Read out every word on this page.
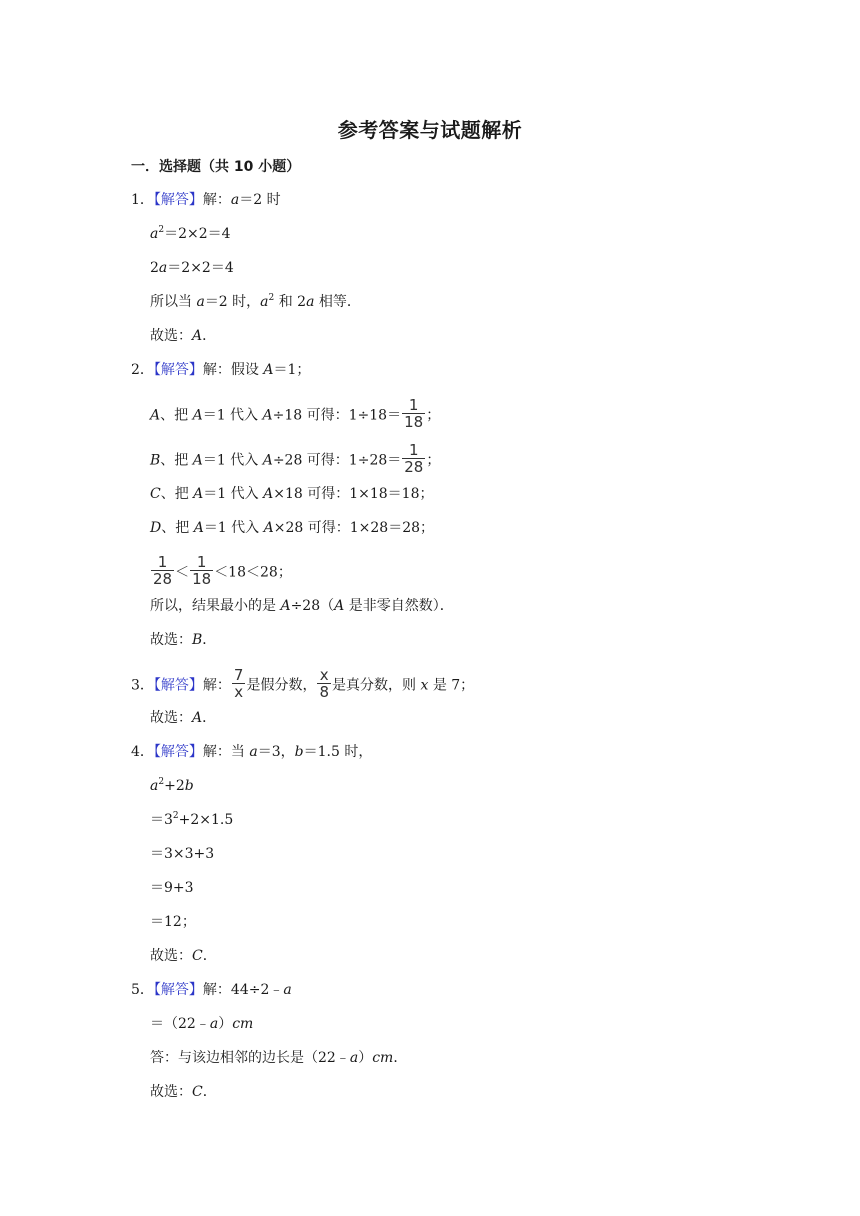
参考答案与试题解析
一．选择题（共 10 小题）
1．【解答】解：a＝2 时
$a^2=2\times 2=4$
2a＝2×2＝4
所以当 a＝2 时，$a^2$ 和 2a 相等．
故选：A．
2．【解答】解：假设 A＝1；
A、把 A＝1 代入 A÷18 可得：$1\div 18= \frac{1}{18}$ ；
B、把 A＝1 代入 A÷28 可得：$1\div 28= \frac{1}{28}$ ；
C、把 A＝1 代入 A×18 可得：1×18＝18；
D、把 A＝1 代入 A×28 可得：1×28＝28；
$\frac{1}{28} < \frac{1}{18} <18<28$；
所以，结果最小的是 A÷28（A 是非零自然数）．
故选：B．
3．【解答】解： $\frac{7}{x}$ 是假分数， $\frac{x}{8}$ 是真分数，则 x 是 7；
故选：A．
4．【解答】解：当 a＝3，b＝1.5 时，
$a^2+2b$
$=3^2+2\times 1.5$
＝3×3+3
＝9+3
＝12；
故选：C．
5．【解答】解：44÷2﹣a
＝（22﹣a）cm
答：与该边相邻的边长是（22﹣a）cm．
故选：C．
